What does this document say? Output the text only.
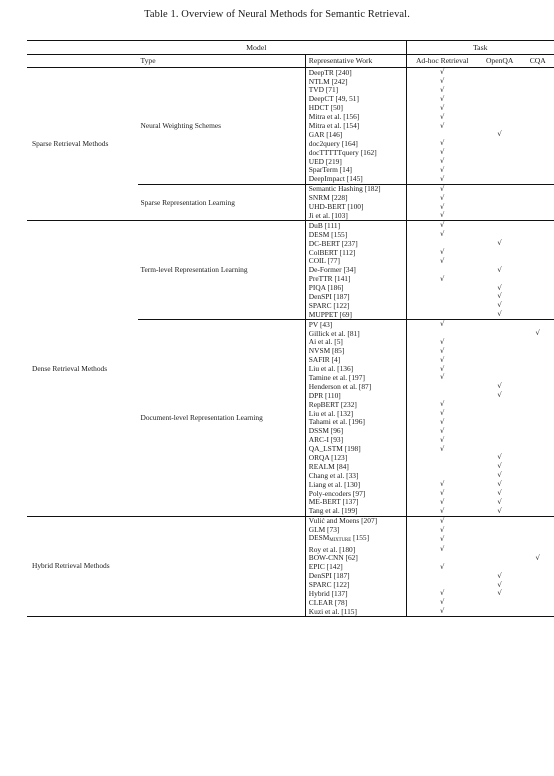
Table 1. Overview of Neural Methods for Semantic Retrieval.
Model			Task		
	Type	Representative Work	Ad-hoc Retrieval	OpenQA	CQA
Sparse Retrieval Methods	Neural Weighting Schemes	DeepTR [240]	√		
		NTLM [242]	√		
		TVD [71]	√		
		DeepCT [49, 51]	√		
		HDCT [50]	√		
		Mitra et al. [156]	√		
		Mitra et al. [154]	√		
		GAR [146]		√	
		doc2query [164]	√		
		docTTTTTquery [162]	√		
		UED [219]	√		
		SparTerm [14]	√		
		DeepImpact [145]	√		
	Sparse Representation Learning	Semantic Hashing [182]	√		
		SNRM [228]	√		
		UHD-BERT [100]	√		
		Ji et al. [103]	√		
Dense Retrieval Methods	Term-level Representation Learning	DuB [111]	√		
		DESM [155]	√		
		DC-BERT [237]		√	
		ColBERT [112]	√		
		COIL [77]	√		
		De-Former [34]		√	
		PreTTR [141]	√		
		PIQA [186]		√	
		DenSPI [187]		√	
		SPARC [122]		√	
		MUPPET [69]		√	
	Document-level Representation Learning	PV [43]	√		
		Gillick et al. [81]			√
		Ai et al. [5]	√		
		NVSM [85]	√		
		SAFIR [4]	√		
		Liu et al. [136]	√		
		Tamine et al. [197]	√		
		Henderson et al. [87]		√	
		DPR [110]		√	
		RepBERT [232]	√		
		Liu et al. [132]	√		
		Tahami et al. [196]	√		
		DSSM [96]	√		
		ARC-I [93]	√		
		QA_LSTM [198]	√		
		ORQA [123]		√	
		REALM [84]		√	
		Chang et al. [33]		√	
		Liang et al. [130]	√	√	
		Poly-encoders [97]	√	√	
		ME-BERT [137]	√	√	
		Tang et al. [199]	√	√	
Hybrid Retrieval Methods		Vulić and Moens [207]	√		
		GLM [73]	√		
		$DESM_{MIXTURE}$ [155]	√		
		Roy et al. [180]	√		
		BOW-CNN [62]			√
		EPIC [142]	√		
		DenSPI [187]		√	
		SPARC [122]		√	
		Hybrid [137]	√	√	
		CLEAR [78]	√		
		Kuzi et al. [115]	√		
